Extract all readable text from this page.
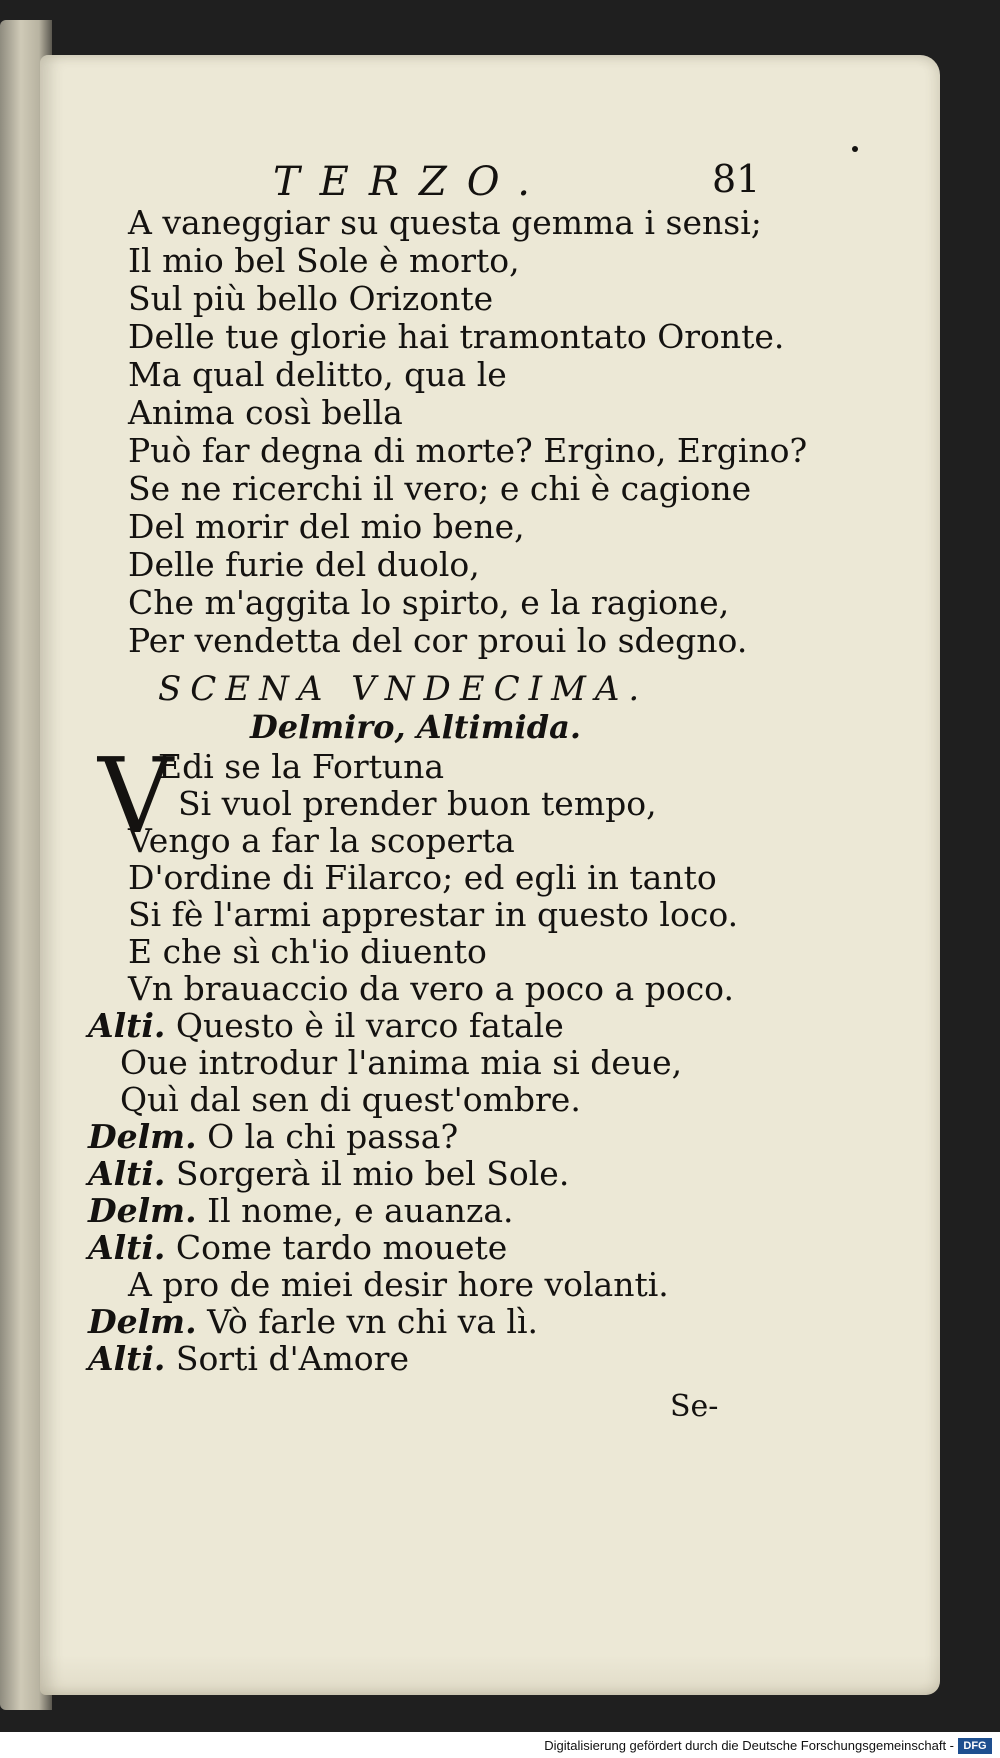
TERZO.	81
A vaneggiar su questa gemma i sensi;
Il mio bel Sole è morto,
Sul più bello Orizonte
Delle tue glorie hai tramontato Oronte.
Ma qual delitto, qua le
Anima così bella
Può far degna di morte? Ergino, Ergino?
Se ne ricerchi il vero; e chi è cagione
Del morir del mio bene,
Delle furie del duolo,
Che m'aggita lo spirto, e la ragione,
Per vendetta del cor proui lo sdegno.
SCENA VNDECIMA.
Delmiro, Altimida.
V
Edi se la Fortuna
Si vuol prender buon tempo,
Vengo a far la scoperta
D'ordine di Filarco; ed egli in tanto
Si fè l'armi apprestar in questo loco.
E che sì ch'io diuento
Vn brauaccio da vero a poco a poco.
Alti. Questo è il varco fatale
Oue introdur l'anima mia si deue,
Quì dal sen di quest'ombre.
Delm. O la chi passa?
Alti. Sorgerà il mio bel Sole.
Delm. Il nome, e auanza.
Alti. Come tardo mouete
A pro de miei desir hore volanti.
Delm. Vò farle vn chi va lì.
Alti. Sorti d'Amore
Se-
Digitalisierung gefördert durch die Deutsche Forschungsgemeinschaft - DFG
